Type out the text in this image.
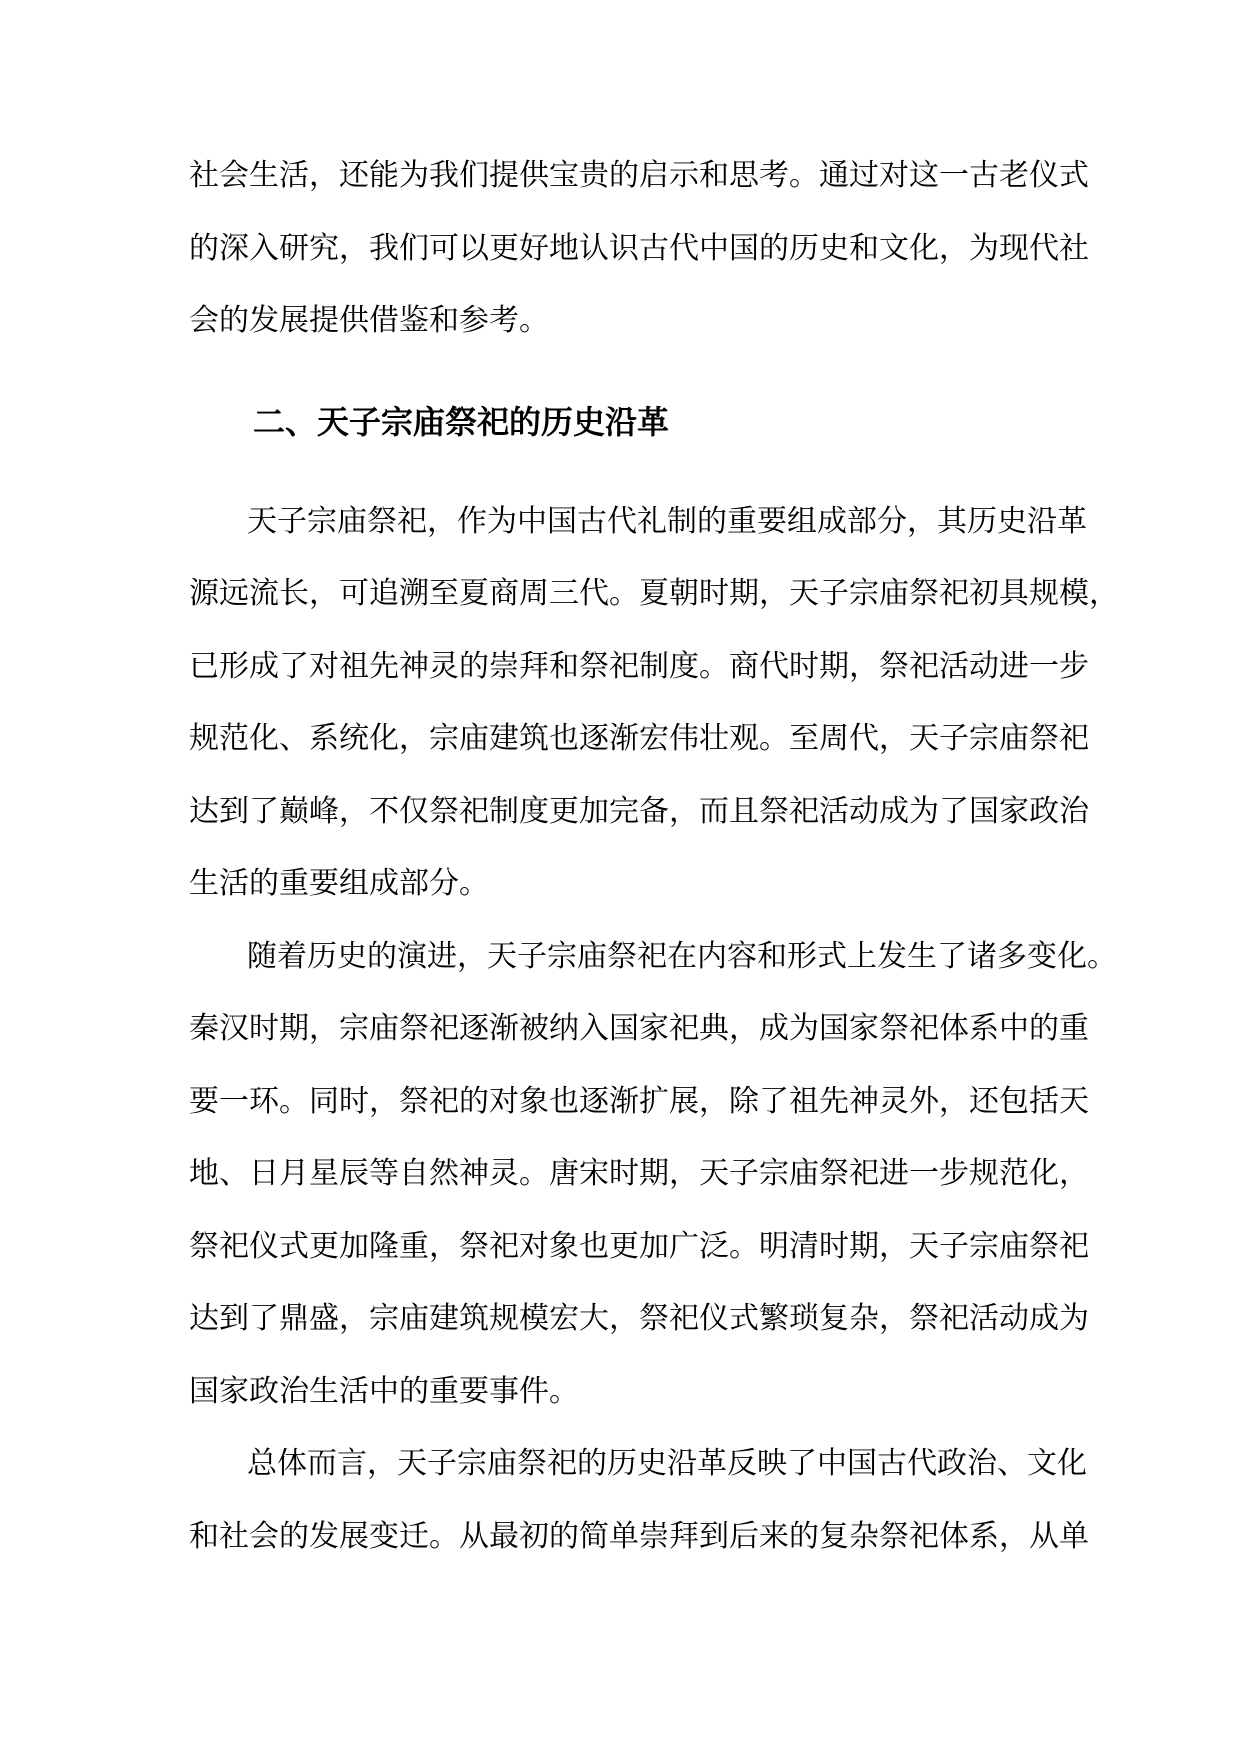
社会生活，还能为我们提供宝贵的启示和思考。通过对这一古老仪式
的深入研究，我们可以更好地认识古代中国的历史和文化，为现代社
会的发展提供借鉴和参考。
二、天子宗庙祭祀的历史沿革
天子宗庙祭祀，作为中国古代礼制的重要组成部分，其历史沿革
源远流长，可追溯至夏商周三代。夏朝时期，天子宗庙祭祀初具规模，
已形成了对祖先神灵的崇拜和祭祀制度。商代时期，祭祀活动进一步
规范化、系统化，宗庙建筑也逐渐宏伟壮观。至周代，天子宗庙祭祀
达到了巅峰，不仅祭祀制度更加完备，而且祭祀活动成为了国家政治
生活的重要组成部分。
随着历史的演进，天子宗庙祭祀在内容和形式上发生了诸多变化。
秦汉时期，宗庙祭祀逐渐被纳入国家祀典，成为国家祭祀体系中的重
要一环。同时，祭祀的对象也逐渐扩展，除了祖先神灵外，还包括天
地、日月星辰等自然神灵。唐宋时期，天子宗庙祭祀进一步规范化，
祭祀仪式更加隆重，祭祀对象也更加广泛。明清时期，天子宗庙祭祀
达到了鼎盛，宗庙建筑规模宏大，祭祀仪式繁琐复杂，祭祀活动成为
国家政治生活中的重要事件。
总体而言，天子宗庙祭祀的历史沿革反映了中国古代政治、文化
和社会的发展变迁。从最初的简单崇拜到后来的复杂祭祀体系，从单
